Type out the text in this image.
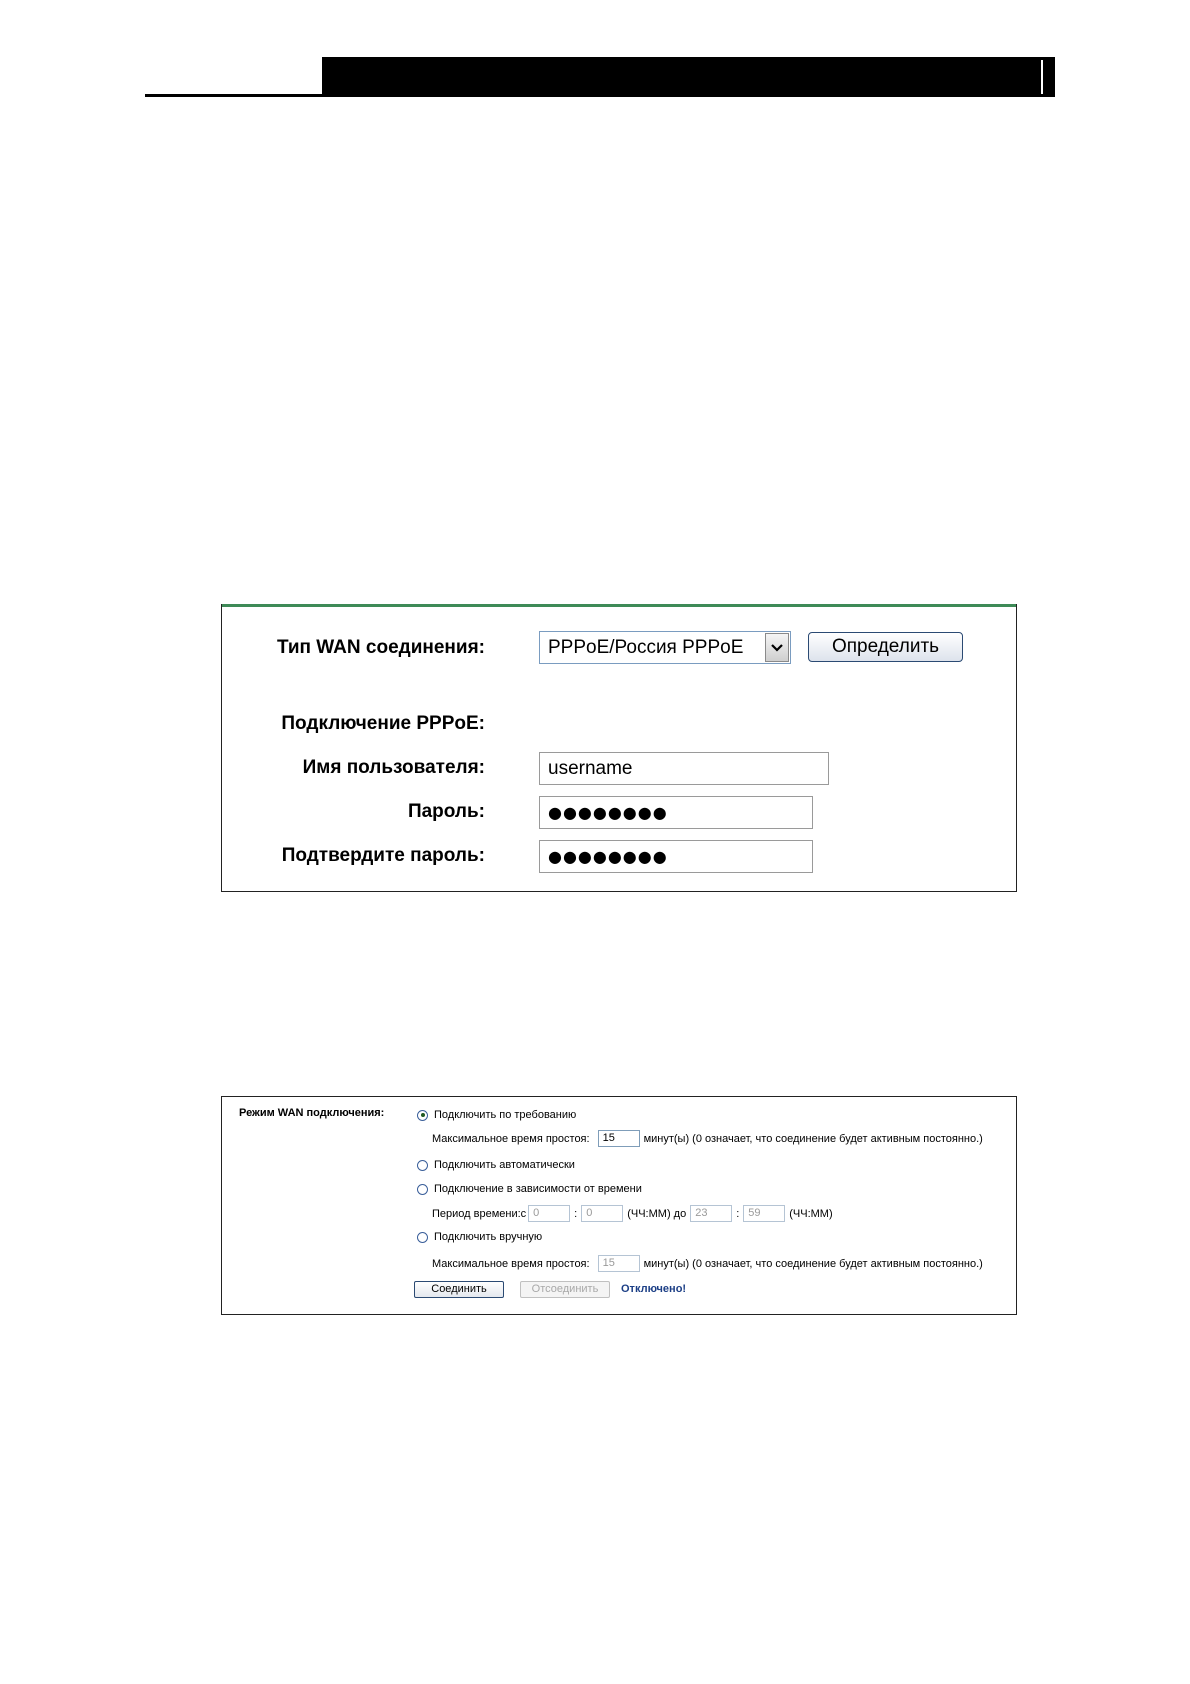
Тип WAN соединения:	PPPoE/Россия PPPoE	Определить
Подключение PPPoE:
Имя пользователя:	username
Пароль:	●●●●●●●●
Подтвердите пароль:	●●●●●●●●
Режим WAN подключения:	Подключить по требованию
Максимальное время простоя:	15	минут(ы) (0 означает, что соединение будет активным постоянно.)
Подключить автоматически
Подключение в зависимости от времени
Период времени:с 0	: 0	(ЧЧ:ММ) до 23	: 59	(ЧЧ:ММ)
Подключить вручную
Максимальное время простоя:	15	минут(ы) (0 означает, что соединение будет активным постоянно.)
Соединить	Отсоединить	Отключено!
